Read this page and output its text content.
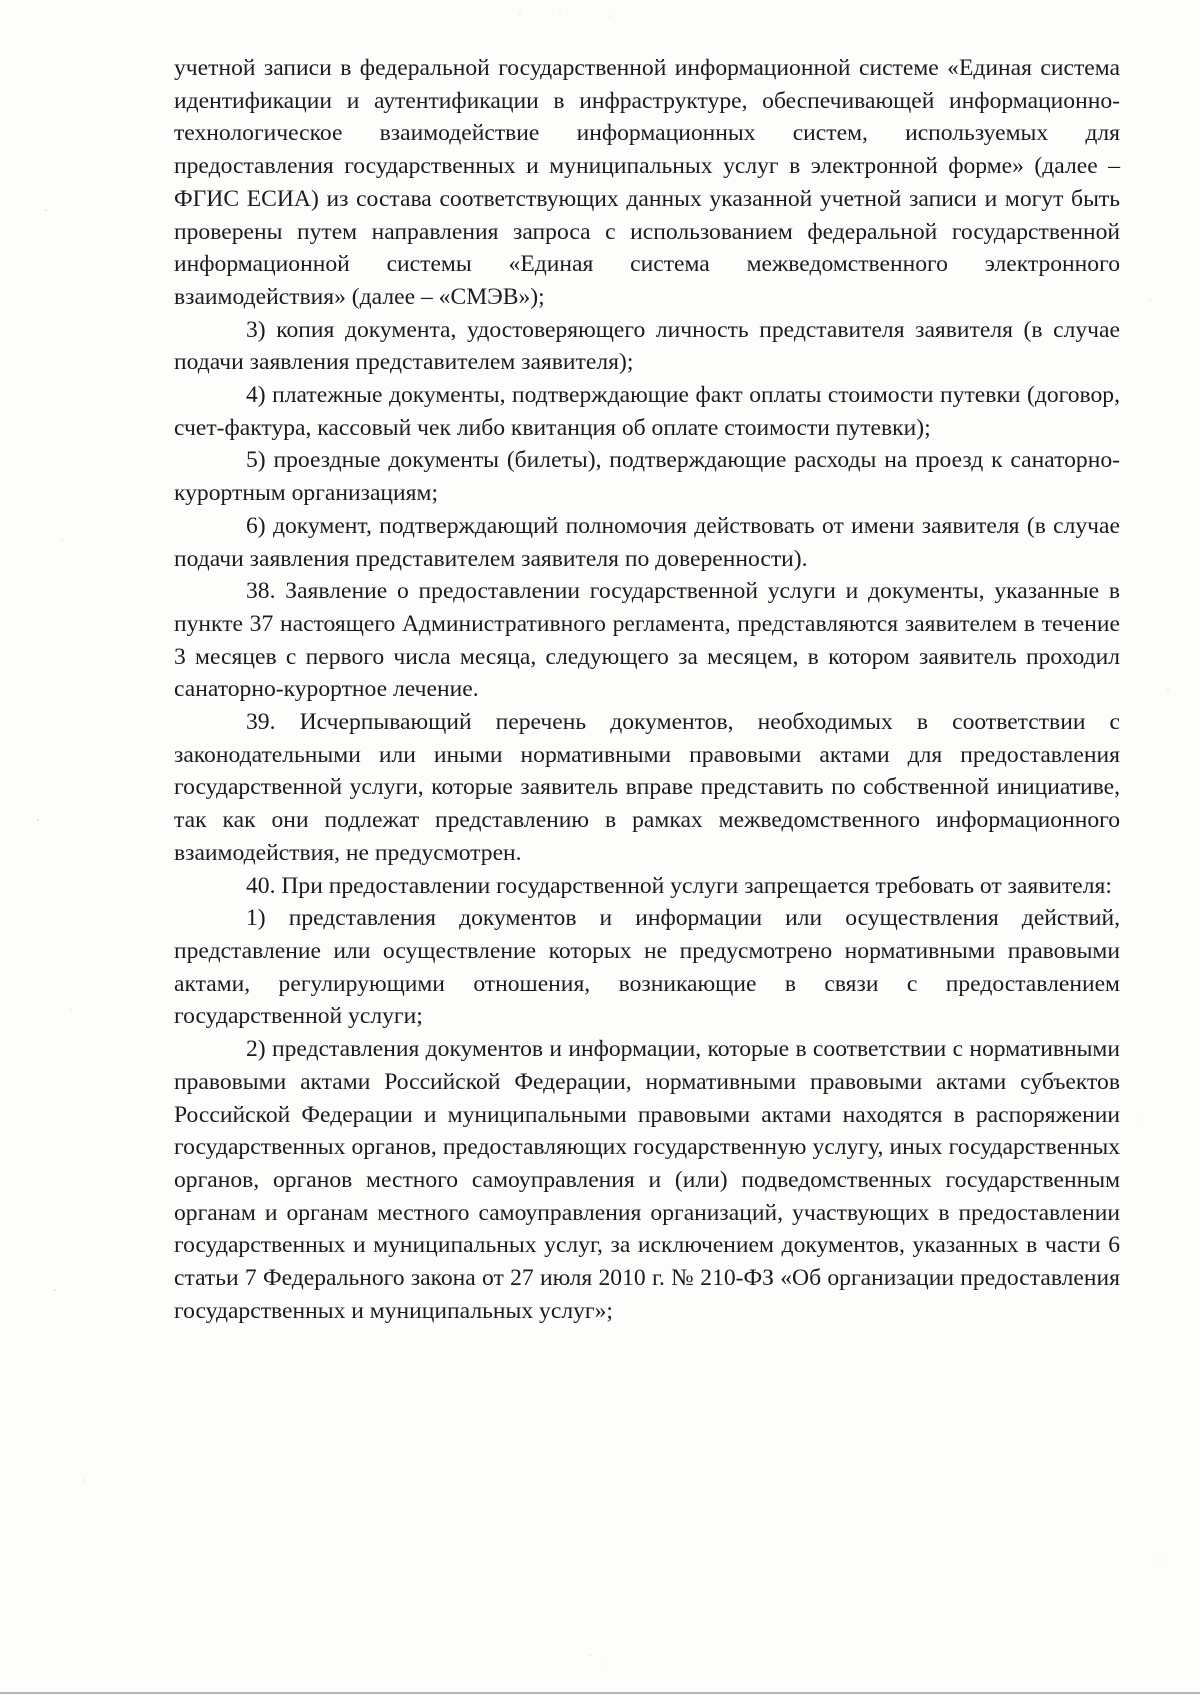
учетной записи в федеральной государственной информационной системе «Единая система идентификации и аутентификации в инфраструктуре, обеспечивающей информационно-технологическое взаимодействие информационных систем, используемых для предоставления государственных и муниципальных услуг в электронной форме» (далее – ФГИС ЕСИА) из состава соответствующих данных указанной учетной записи и могут быть проверены путем направления запроса с использованием федеральной государственной информационной системы «Единая система межведомственного электронного взаимодействия» (далее – «СМЭВ»);

3) копия документа, удостоверяющего личность представителя заявителя (в случае подачи заявления представителем заявителя);

4) платежные документы, подтверждающие факт оплаты стоимости путевки (договор, счет-фактура, кассовый чек либо квитанция об оплате стоимости путевки);

5) проездные документы (билеты), подтверждающие расходы на проезд к санаторно-курортным организациям;

6) документ, подтверждающий полномочия действовать от имени заявителя (в случае подачи заявления представителем заявителя по доверенности).

38. Заявление о предоставлении государственной услуги и документы, указанные в пункте 37 настоящего Административного регламента, представляются заявителем в течение 3 месяцев с первого числа месяца, следующего за месяцем, в котором заявитель проходил санаторно-курортное лечение.

39. Исчерпывающий перечень документов, необходимых в соответствии с законодательными или иными нормативными правовыми актами для предоставления государственной услуги, которые заявитель вправе представить по собственной инициативе, так как они подлежат представлению в рамках межведомственного информационного взаимодействия, не предусмотрен.

40. При предоставлении государственной услуги запрещается требовать от заявителя:

1) представления документов и информации или осуществления действий, представление или осуществление которых не предусмотрено нормативными правовыми актами, регулирующими отношения, возникающие в связи с предоставлением государственной услуги;

2) представления документов и информации, которые в соответствии с нормативными правовыми актами Российской Федерации, нормативными правовыми актами субъектов Российской Федерации и муниципальными правовыми актами находятся в распоряжении государственных органов, предоставляющих государственную услугу, иных государственных органов, органов местного самоуправления и (или) подведомственных государственным органам и органам местного самоуправления организаций, участвующих в предоставлении государственных и муниципальных услуг, за исключением документов, указанных в части 6 статьи 7 Федерального закона от 27 июля 2010 г. № 210-ФЗ «Об организации предоставления государственных и муниципальных услуг»;
